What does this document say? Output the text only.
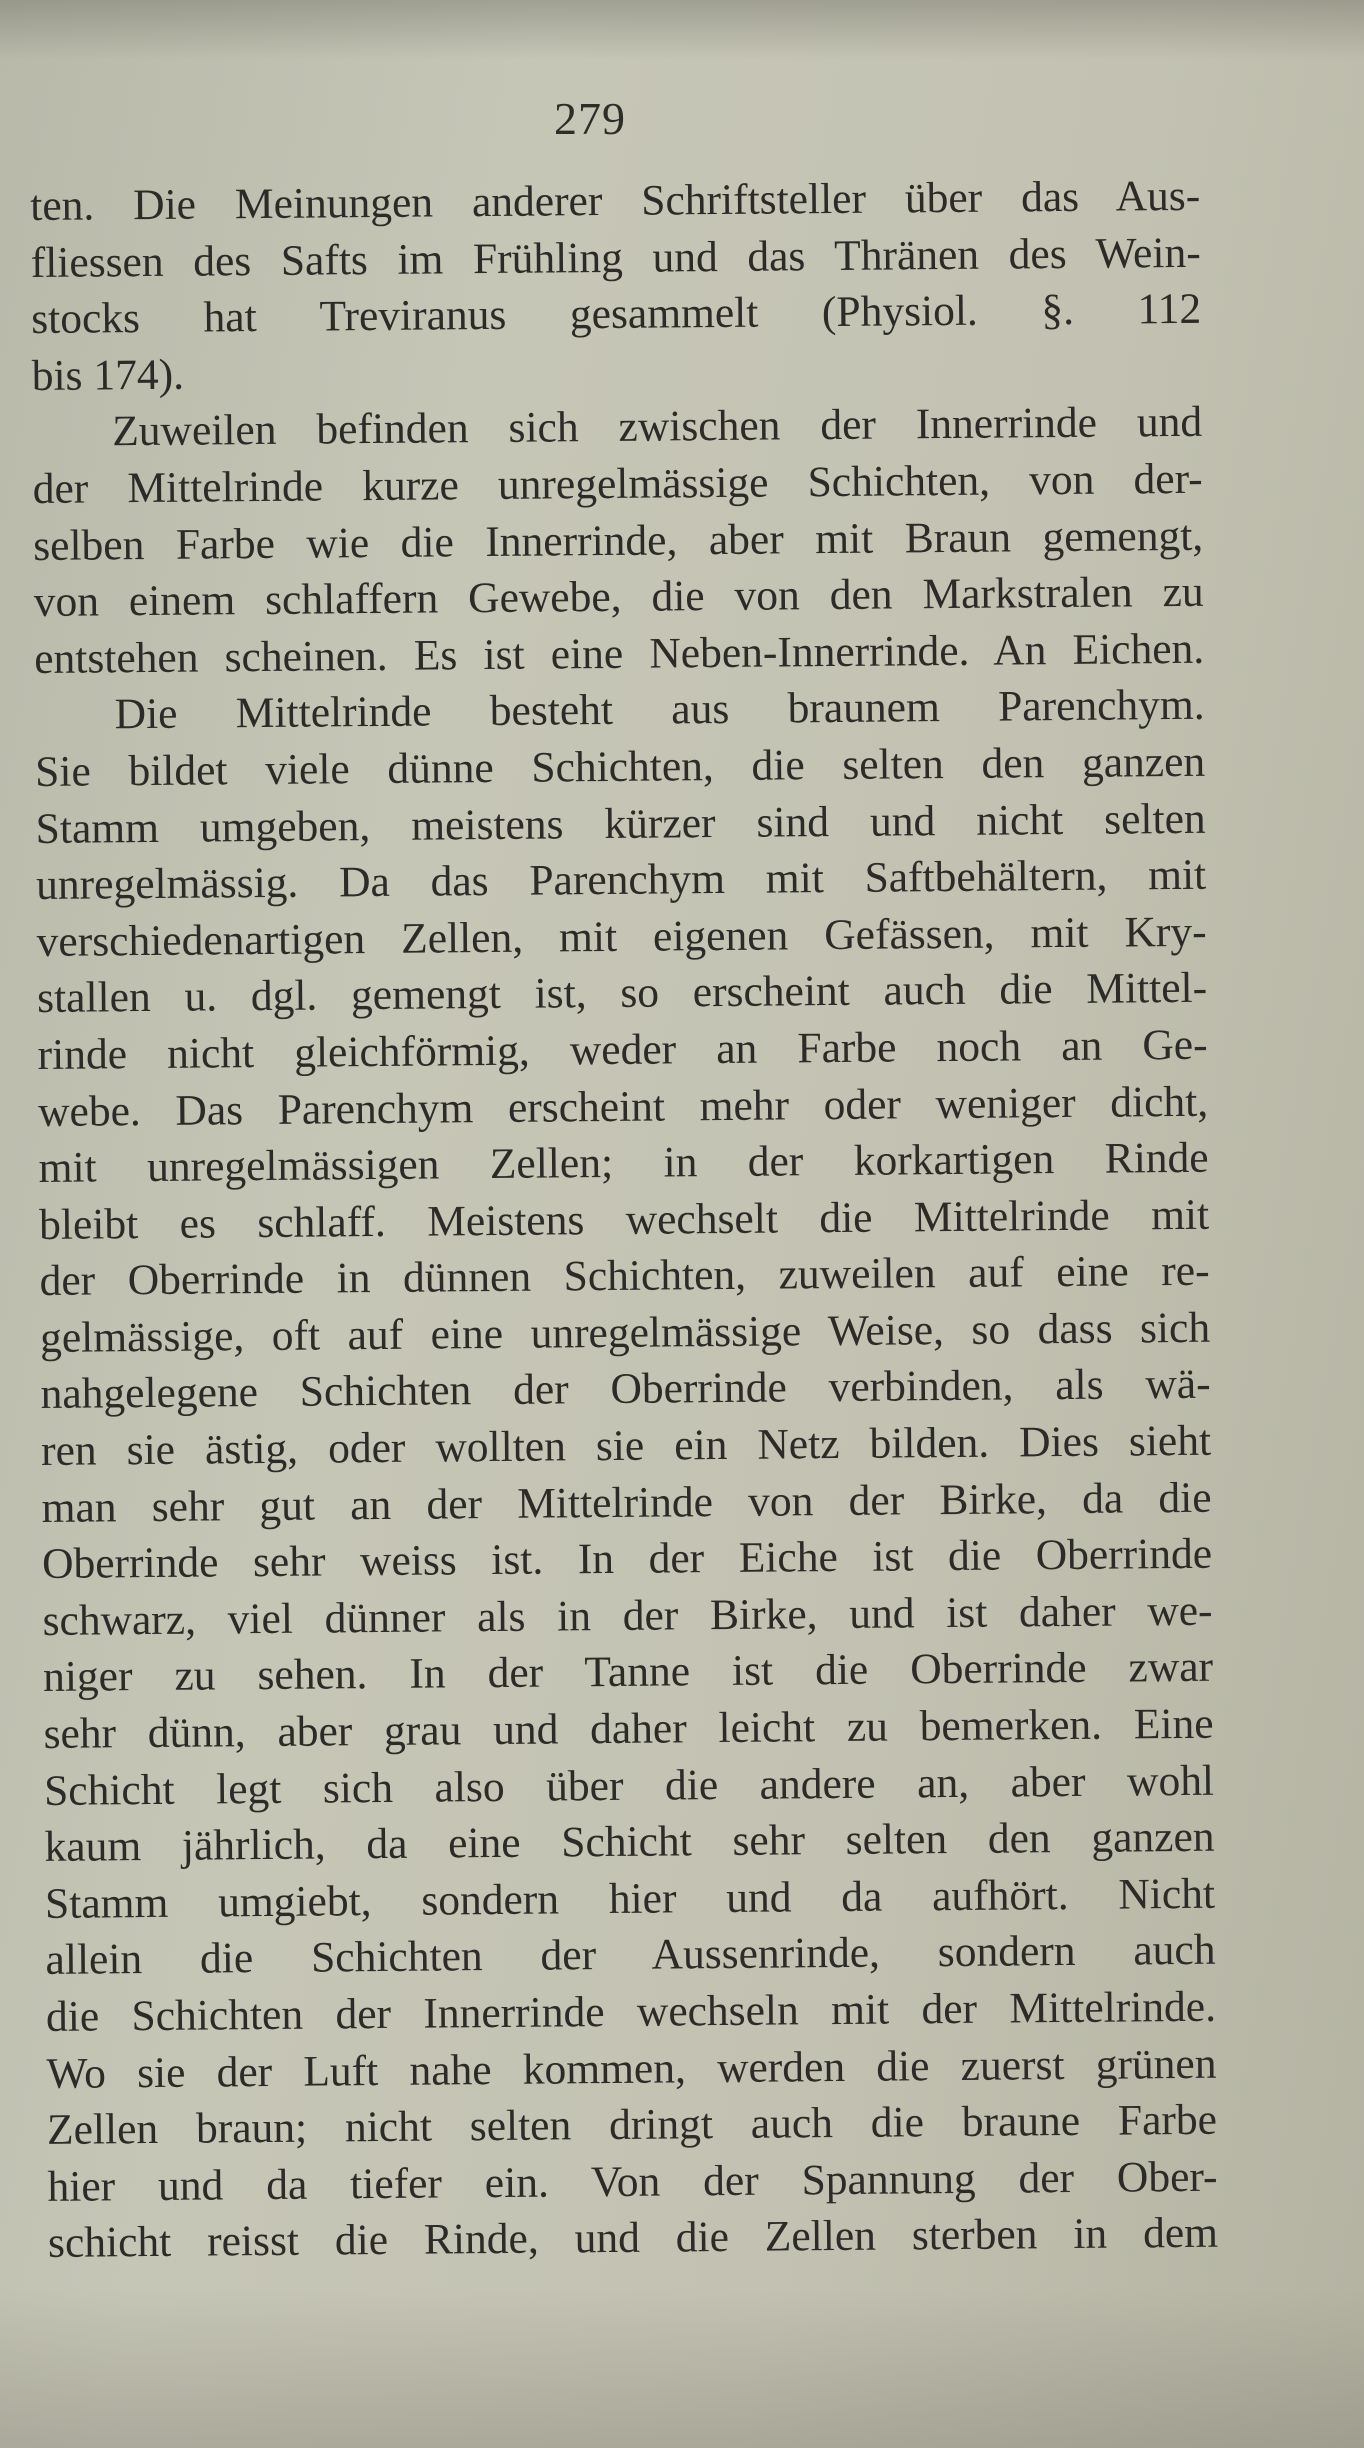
279
ten. Die Meinungen anderer Schriftsteller über das Aus-
fliessen des Safts im Frühling und das Thränen des Wein-
stocks hat Treviranus gesammelt (Physiol. §. 112
bis 174).
Zuweilen befinden sich zwischen der Innerrinde und
der Mittelrinde kurze unregelmässige Schichten, von der-
selben Farbe wie die Innerrinde, aber mit Braun gemengt,
von einem schlaffern Gewebe, die von den Markstralen zu
entstehen scheinen. Es ist eine Neben-Innerrinde. An Eichen.
Die Mittelrinde besteht aus braunem Parenchym.
Sie bildet viele dünne Schichten, die selten den ganzen
Stamm umgeben, meistens kürzer sind und nicht selten
unregelmässig. Da das Parenchym mit Saftbehältern, mit
verschiedenartigen Zellen, mit eigenen Gefässen, mit Kry-
stallen u. dgl. gemengt ist, so erscheint auch die Mittel-
rinde nicht gleichförmig, weder an Farbe noch an Ge-
webe. Das Parenchym erscheint mehr oder weniger dicht,
mit unregelmässigen Zellen; in der korkartigen Rinde
bleibt es schlaff. Meistens wechselt die Mittelrinde mit
der Oberrinde in dünnen Schichten, zuweilen auf eine re-
gelmässige, oft auf eine unregelmässige Weise, so dass sich
nahgelegene Schichten der Oberrinde verbinden, als wä-
ren sie ästig, oder wollten sie ein Netz bilden. Dies sieht
man sehr gut an der Mittelrinde von der Birke, da die
Oberrinde sehr weiss ist. In der Eiche ist die Oberrinde
schwarz, viel dünner als in der Birke, und ist daher we-
niger zu sehen. In der Tanne ist die Oberrinde zwar
sehr dünn, aber grau und daher leicht zu bemerken. Eine
Schicht legt sich also über die andere an, aber wohl
kaum jährlich, da eine Schicht sehr selten den ganzen
Stamm umgiebt, sondern hier und da aufhört. Nicht
allein die Schichten der Aussenrinde, sondern auch
die Schichten der Innerrinde wechseln mit der Mittelrinde.
Wo sie der Luft nahe kommen, werden die zuerst grünen
Zellen braun; nicht selten dringt auch die braune Farbe
hier und da tiefer ein. Von der Spannung der Ober-
schicht reisst die Rinde, und die Zellen sterben in dem
